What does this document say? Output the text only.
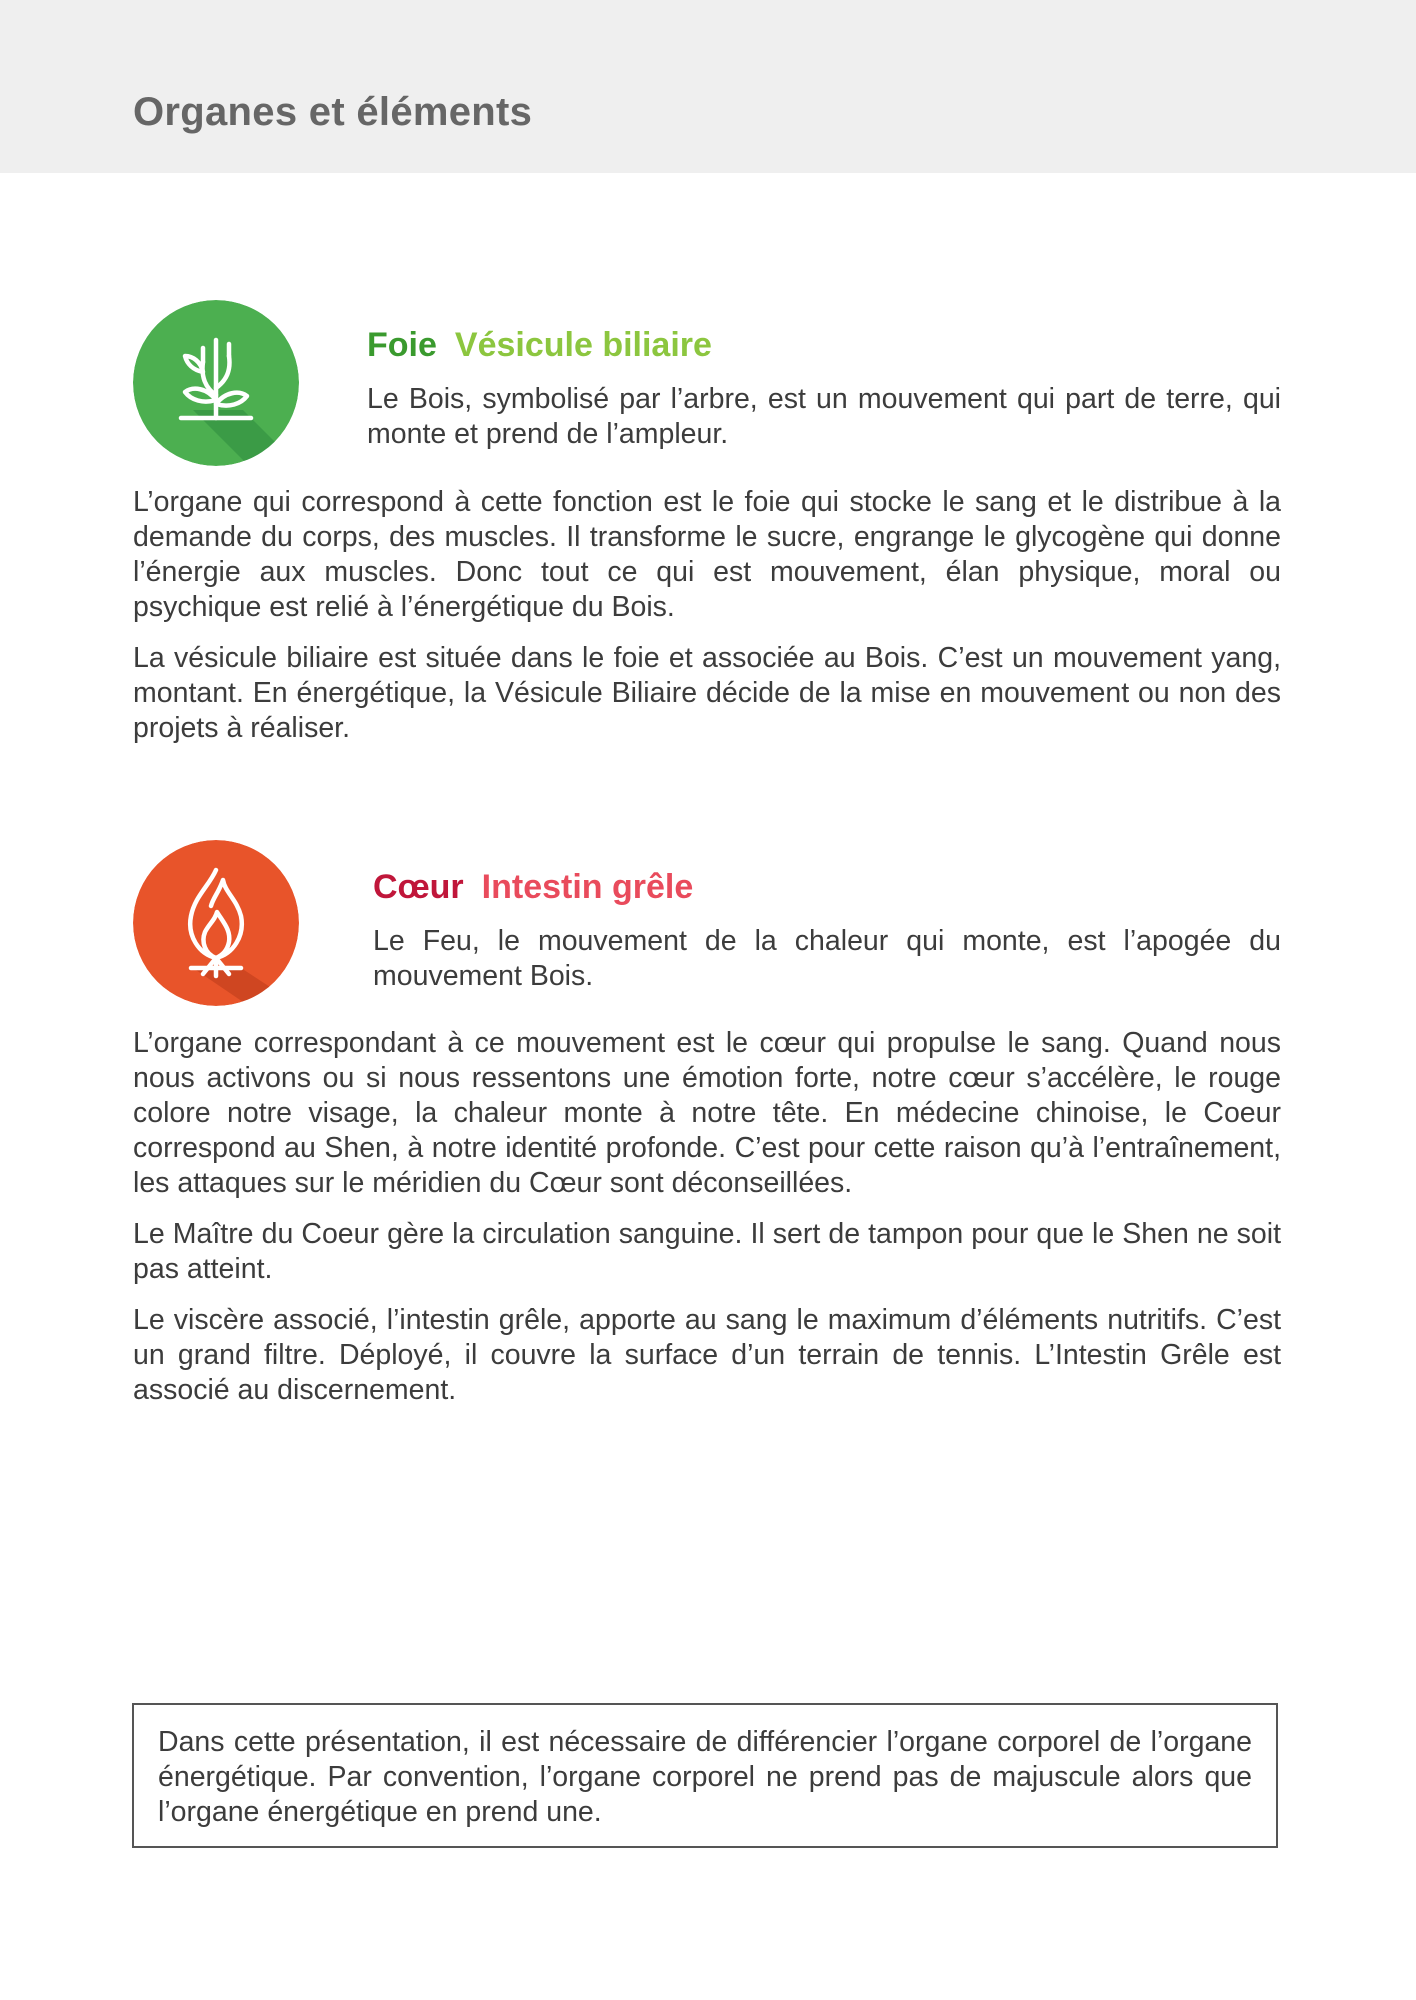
Organes et éléments
Foie Vésicule biliaire

Le Bois, symbolisé par l’arbre, est un mouvement qui part de terre, qui monte et prend de l’ampleur.

L’organe qui correspond à cette fonction est le foie qui stocke le sang et le distribue à la demande du corps, des muscles. Il transforme le sucre, engrange le glycogène qui donne l’énergie aux muscles. Donc tout ce qui est mouvement, élan physique, moral ou psychique est relié à l’énergétique du Bois.

La vésicule biliaire est située dans le foie et associée au Bois. C’est un mouvement yang, montant. En énergétique, la Vésicule Biliaire décide de la mise en mouvement ou non des projets à réaliser.

Cœur Intestin grêle

Le Feu, le mouvement de la chaleur qui monte, est l’apogée du mouvement Bois.

L’organe correspondant à ce mouvement est le cœur qui propulse le sang. Quand nous nous activons ou si nous ressentons une émotion forte, notre cœur s’accélère, le rouge colore notre visage, la chaleur monte à notre tête. En médecine chinoise, le Coeur correspond au Shen, à notre identité profonde. C’est pour cette raison qu’à l’entraînement, les attaques sur le méridien du Cœur sont déconseillées.

Le Maître du Coeur gère la circulation sanguine. Il sert de tampon pour que le Shen ne soit pas atteint.

Le viscère associé, l’intestin grêle, apporte au sang le maximum d’éléments nutritifs. C’est un grand filtre. Déployé, il couvre la surface d’un terrain de tennis. L’Intestin Grêle est associé au discernement.

Dans cette présentation, il est nécessaire de différencier l’organe corporel de l’organe énergétique. Par convention, l’organe corporel ne prend pas de majuscule alors que l’organe énergétique en prend une.
